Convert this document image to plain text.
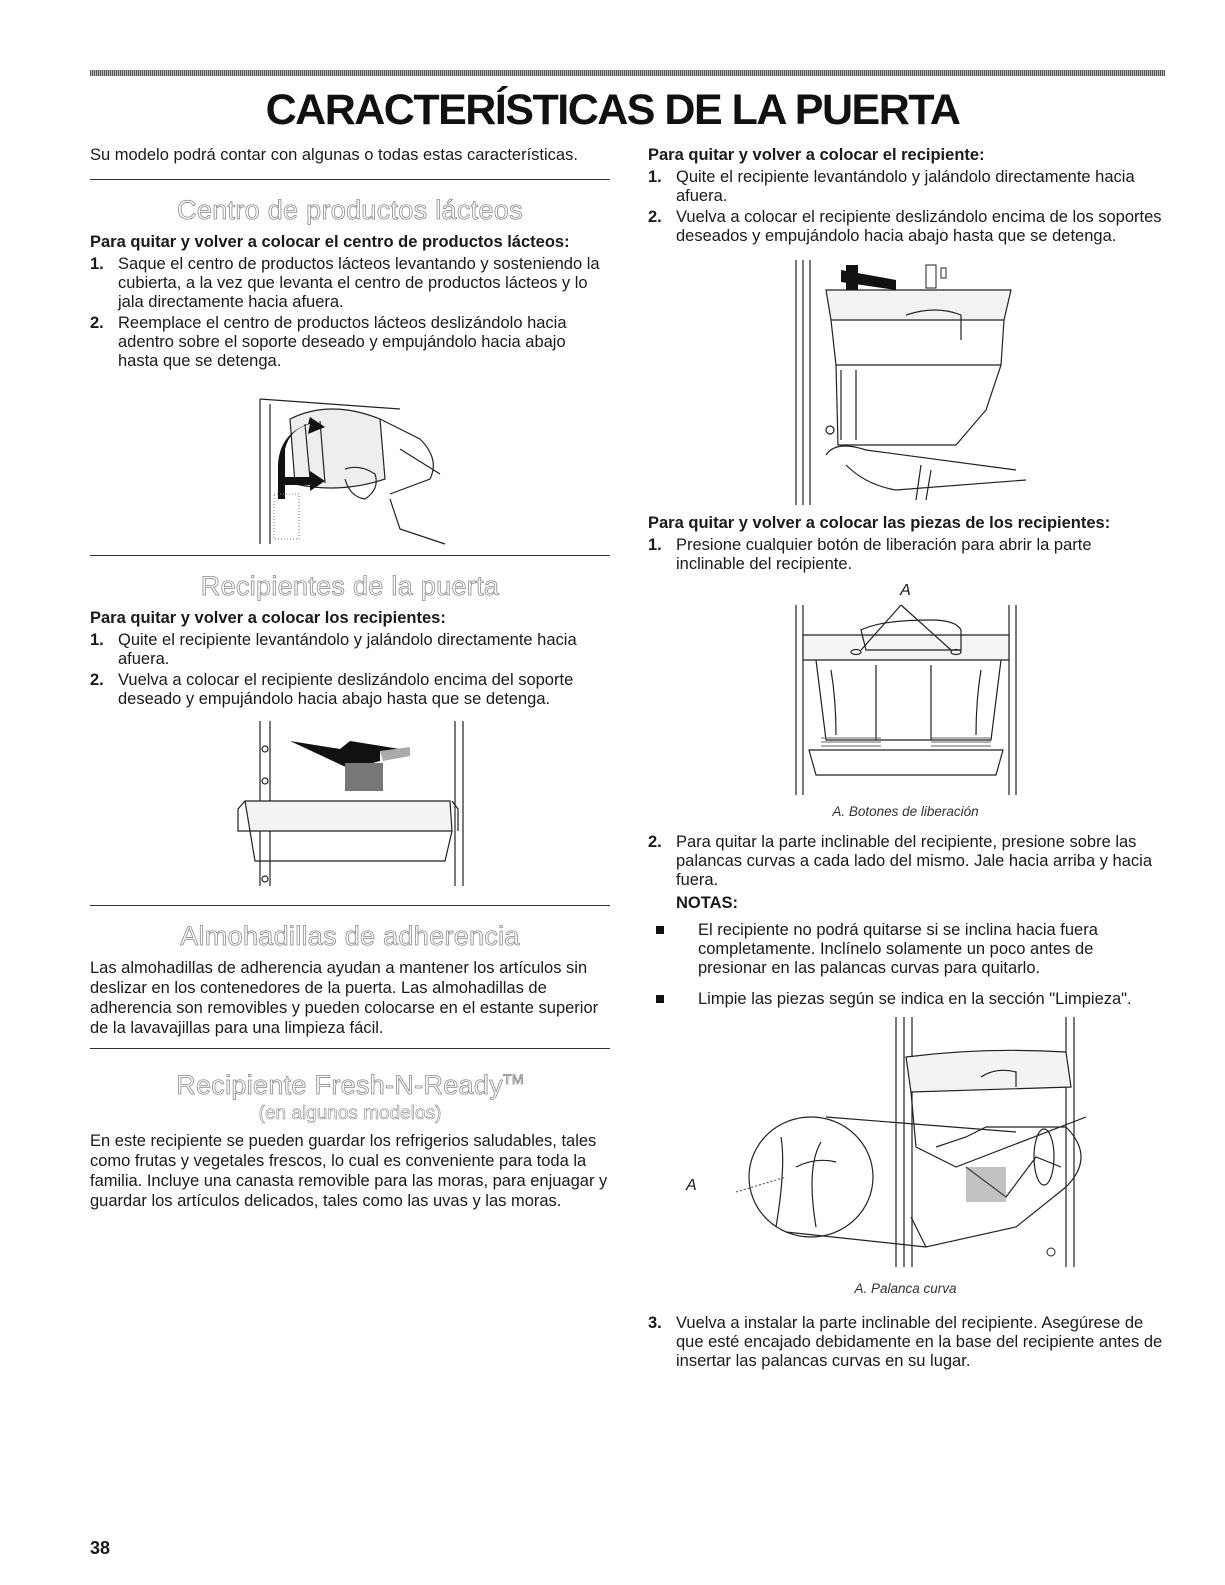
CARACTERÍSTICAS DE LA PUERTA

Su modelo podrá contar con algunas o todas estas características.

Centro de productos lácteos
Para quitar y volver a colocar el centro de productos lácteos:
1. Saque el centro de productos lácteos levantando y sosteniendo la cubierta, a la vez que levanta el centro de productos lácteos y lo jala directamente hacia afuera.
2. Reemplace el centro de productos lácteos deslizándolo hacia adentro sobre el soporte deseado y empujándolo hacia abajo hasta que se detenga.
Recipientes de la puerta
Para quitar y volver a colocar los recipientes:
1. Quite el recipiente levantándolo y jalándolo directamente hacia afuera.
2. Vuelva a colocar el recipiente deslizándolo encima del soporte deseado y empujándolo hacia abajo hasta que se detenga.
Almohadillas de adherencia

Las almohadillas de adherencia ayudan a mantener los artículos sin deslizar en los contenedores de la puerta. Las almohadillas de adherencia son removibles y pueden colocarse en el estante superior de la lavavajillas para una limpieza fácil.

Recipiente Fresh-N-Ready™
(en algunos modelos)

En este recipiente se pueden guardar los refrigerios saludables, tales como frutas y vegetales frescos, lo cual es conveniente para toda la familia. Incluye una canasta removible para las moras, para enjuagar y guardar los artículos delicados, tales como las uvas y las moras.

Para quitar y volver a colocar el recipiente:
1. Quite el recipiente levantándolo y jalándolo directamente hacia afuera.
2. Vuelva a colocar el recipiente deslizándolo encima de los soportes deseados y empujándolo hacia abajo hasta que se detenga.
Para quitar y volver a colocar las piezas de los recipientes:
1. Presione cualquier botón de liberación para abrir la parte inclinable del recipiente.
A
A. Botones de liberación
2. Para quitar la parte inclinable del recipiente, presione sobre las palancas curvas a cada lado del mismo. Jale hacia arriba y hacia fuera.
NOTAS:
El recipiente no podrá quitarse si se inclina hacia fuera completamente. Inclínelo solamente un poco antes de presionar en las palancas curvas para quitarlo.
Limpie las piezas según se indica en la sección "Limpieza".
A
A. Palanca curva
3. Vuelva a instalar la parte inclinable del recipiente. Asegúrese de que esté encajado debidamente en la base del recipiente antes de insertar las palancas curvas en su lugar.
38
